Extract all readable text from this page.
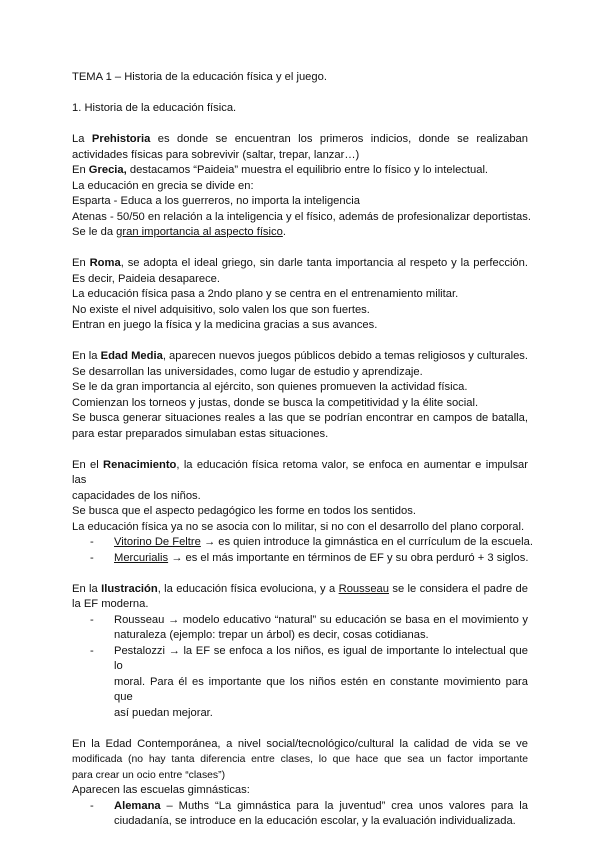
TEMA 1 – Historia de la educación física y el juego.
1. Historia de la educación física.
La Prehistoria es donde se encuentran los primeros indicios, donde se realizaban
actividades físicas para sobrevivir (saltar, trepar, lanzar…)
En Grecia, destacamos “Paideia” muestra el equilibrio entre lo físico y lo intelectual.
La educación en grecia se divide en:
Esparta - Educa a los guerreros, no importa la inteligencia
Atenas - 50/50 en relación a la inteligencia y el físico, además de profesionalizar deportistas.
Se le da gran importancia al aspecto físico.
En Roma, se adopta el ideal griego, sin darle tanta importancia al respeto y la perfección.
Es decir, Paideia desaparece.
La educación física pasa a 2ndo plano y se centra en el entrenamiento militar.
No existe el nivel adquisitivo, solo valen los que son fuertes.
Entran en juego la física y la medicina gracias a sus avances.
En la Edad Media, aparecen nuevos juegos públicos debido a temas religiosos y culturales.
Se desarrollan las universidades, como lugar de estudio y aprendizaje.
Se le da gran importancia al ejército, son quienes promueven la actividad física.
Comienzan los torneos y justas, donde se busca la competitividad y la élite social.
Se busca generar situaciones reales a las que se podrían encontrar en campos de batalla,
para estar preparados simulaban estas situaciones.
En el Renacimiento, la educación física retoma valor, se enfoca en aumentar e impulsar las
capacidades de los niños.
Se busca que el aspecto pedagógico les forme en todos los sentidos.
La educación física ya no se asocia con lo militar, si no con el desarrollo del plano corporal.
- Vitorino De Feltre → es quien introduce la gimnástica en el currículum de la escuela.
- Mercurialis → es el más importante en términos de EF y su obra perduró + 3 siglos.
En la Ilustración, la educación física evoluciona, y a Rousseau se le considera el padre de
la EF moderna.
- Rousseau → modelo educativo “natural” su educación se basa en el movimiento y
naturaleza (ejemplo: trepar un árbol) es decir, cosas cotidianas.
- Pestalozzi → la EF se enfoca a los niños, es igual de importante lo intelectual que lo
moral. Para él es importante que los niños estén en constante movimiento para que
así puedan mejorar.
En la Edad Contemporánea, a nivel social/tecnológico/cultural la calidad de vida se ve
modificada (no hay tanta diferencia entre clases, lo que hace que sea un factor importante
para crear un ocio entre “clases”)
Aparecen las escuelas gimnásticas:
- Alemana – Muths “La gimnástica para la juventud” crea unos valores para la
ciudadanía, se introduce en la educación escolar, y la evaluación individualizada.
